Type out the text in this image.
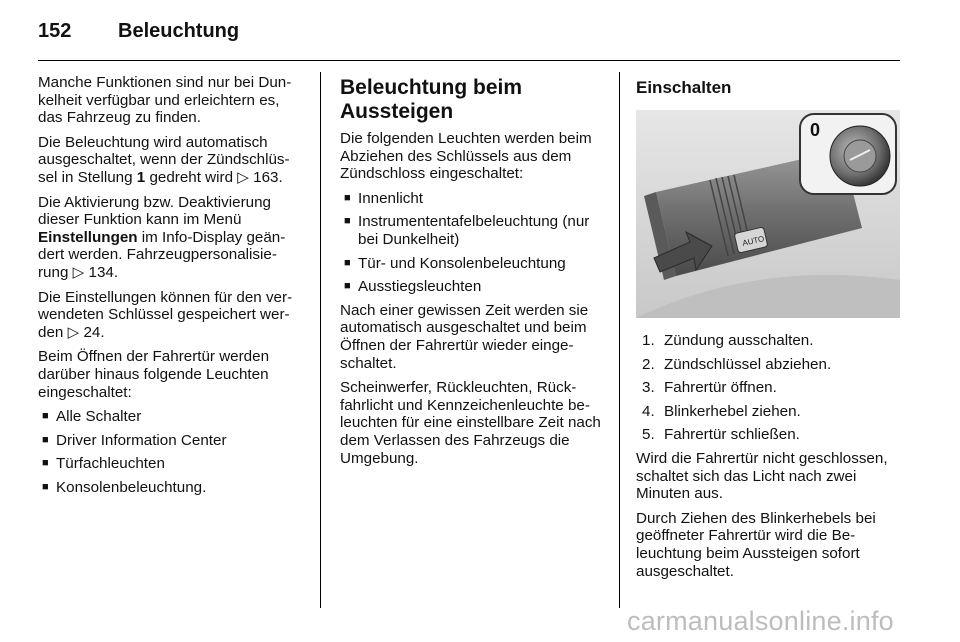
152 Beleuchtung

Manche Funktionen sind nur bei Dun-kelheit verfügbar und erleichtern es, das Fahrzeug zu finden.

Die Beleuchtung wird automatisch ausgeschaltet, wenn der Zündschlüs-sel in Stellung 1 gedreht wird ▷ 163.

Die Aktivierung bzw. Deaktivierung dieser Funktion kann im Menü Einstellungen im Info-Display geän-dert werden. Fahrzeugpersonalisie-rung ▷ 134.

Die Einstellungen können für den ver-wendeten Schlüssel gespeichert wer-den ▷ 24.

Beim Öffnen der Fahrertür werden darüber hinaus folgende Leuchten eingeschaltet:

■ Alle Schalter
■ Driver Information Center
■ Türfachleuchten
■ Konsolenbeleuchtung.
Beleuchtung beim Aussteigen

Die folgenden Leuchten werden beim Abziehen des Schlüssels aus dem Zündschloss eingeschaltet:

■ Innenlicht
■ Instrumententafelbeleuchtung (nur bei Dunkelheit)
■ Tür- und Konsolenbeleuchtung
■ Ausstiegsleuchten

Nach einer gewissen Zeit werden sie automatisch ausgeschaltet und beim Öffnen der Fahrertür wieder einge-schaltet.

Scheinwerfer, Rückleuchten, Rück-fahrlicht und Kennzeichenleuchte be-leuchten für eine einstellbare Zeit nach dem Verlassen des Fahrzeugs die Umgebung.

Einschalten
AUTO
0
1. Zündung ausschalten.
2. Zündschlüssel abziehen.
3. Fahrertür öffnen.
4. Blinkerhebel ziehen.
5. Fahrertür schließen.

Wird die Fahrertür nicht geschlossen, schaltet sich das Licht nach zwei Minuten aus.

Durch Ziehen des Blinkerhebels bei geöffneter Fahrertür wird die Be-leuchtung beim Aussteigen sofort ausgeschaltet.

carmanualsonline.info
